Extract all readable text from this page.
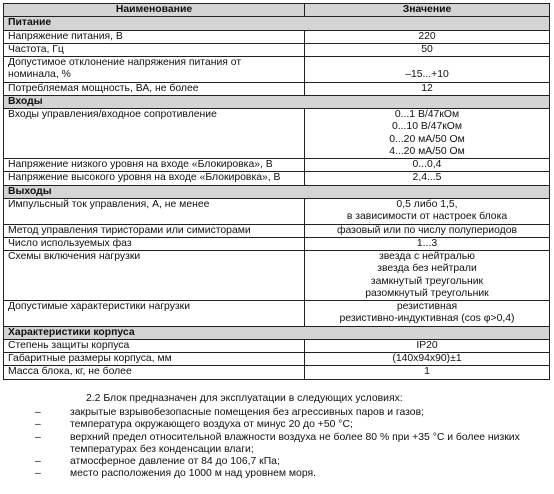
Наименование	Значение
Питание	

Напряжение питания, В	220

Частота, Гц	50

Допустимое отклонение напряжения питания от
номинала, %	–15...+10

Потребляемая мощность, ВА, не более	12

Входы	

Входы управления/входное сопротивление	0...1 В/47кОм
0...10 В/47кОм
0...20 мА/50 Ом
4...20 мА/50 Ом

Напряжение низкого уровня на входе «Блокировка», В	0...0,4

Напряжение высокого уровня на входе «Блокировка», В	2,4...5

Выходы	

Импульсный ток управления, А, не менее	0,5 либо 1,5,
в зависимости от настроек блока

Метод управления тиристорами или симисторами	фазовый или по числу полупериодов

Число используемых фаз	1...3

Схемы включения нагрузки	звезда с нейтралью
звезда без нейтрали
замкнутый треугольник
разомкнутый треугольник

Допустимые характеристики нагрузки	резистивная
резистивно-индуктивная (cos φ>0,4)

Характеристики корпуса	

Степень защиты корпуса	IP20

Габаритные размеры корпуса, мм	(140х94х90)±1

Масса блока, кг, не более	1
2.2 Блок предназначен для эксплуатации в следующих условиях:
–	закрытые взрывобезопасные помещения без агрессивных паров и газов;
–	температура окружающего воздуха от минус 20 до +50 °С;
–	верхний предел относительной влажности воздуха не более 80 % при +35 °С и более низких температурах без конденсации влаги;
–	атмосферное давление от 84 до 106,7 кПа;
–	место расположения до 1000 м над уровнем моря.
